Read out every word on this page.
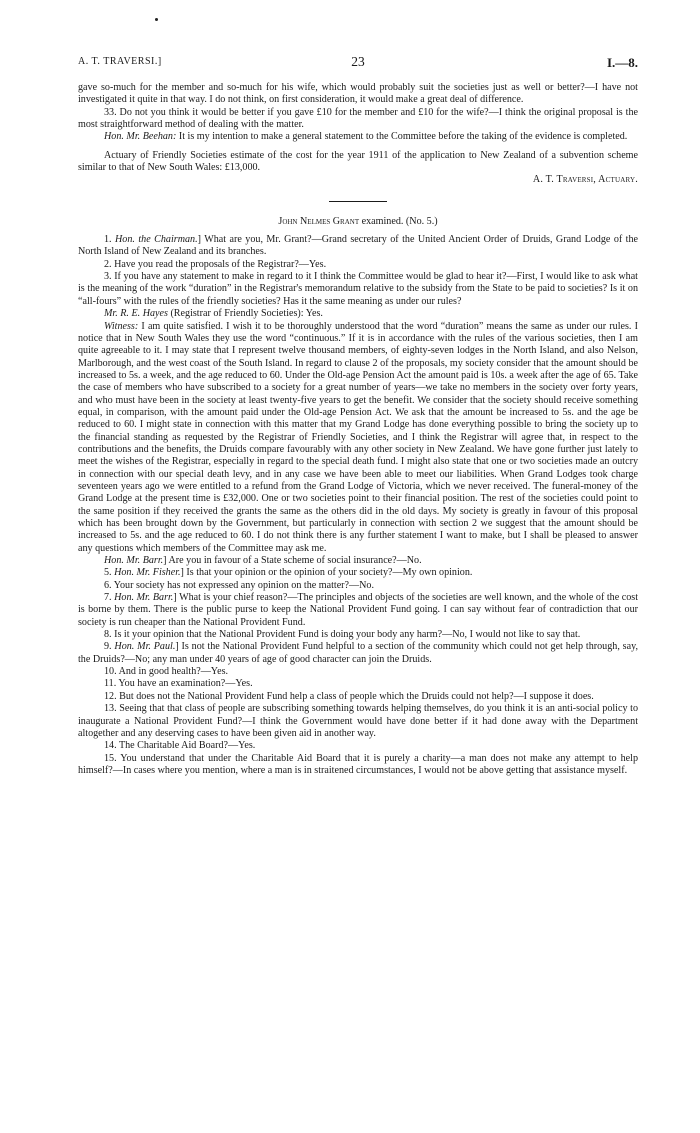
A. T. TRAVERSI.]	23	I.—8.

gave so-much for the member and so-much for his wife, which would probably suit the societies just as well or better?—I have not investigated it quite in that way. I do not think, on first consideration, it would make a great deal of difference.

33. Do not you think it would be better if you gave £10 for the member and £10 for the wife?—I think the original proposal is the most straightforward method of dealing with the matter.

Hon. Mr. Beehan: It is my intention to make a general statement to the Committee before the taking of the evidence is completed.

Actuary of Friendly Societies estimate of the cost for the year 1911 of the application to New Zealand of a subvention scheme similar to that of New South Wales: £13,000.

A. T. Traversi, Actuary.

John Nelmes Grant examined. (No. 5.)

1. Hon. the Chairman.] What are you, Mr. Grant?—Grand secretary of the United Ancient Order of Druids, Grand Lodge of the North Island of New Zealand and its branches.

2. Have you read the proposals of the Registrar?—Yes.

3. If you have any statement to make in regard to it I think the Committee would be glad to hear it?—First, I would like to ask what is the meaning of the work “duration” in the Registrar's memorandum relative to the subsidy from the State to be paid to societies? Is it on “all-fours” with the rules of the friendly societies? Has it the same meaning as under our rules?

Mr. R. E. Hayes (Registrar of Friendly Societies): Yes.

Witness: I am quite satisfied. I wish it to be thoroughly understood that the word “duration” means the same as under our rules. I notice that in New South Wales they use the word “continuous.” If it is in accordance with the rules of the various societies, then I am quite agreeable to it. I may state that I represent twelve thousand members, of eighty-seven lodges in the North Island, and also Nelson, Marlborough, and the west coast of the South Island. In regard to clause 2 of the proposals, my society consider that the amount should be increased to 5s. a week, and the age reduced to 60. Under the Old-age Pension Act the amount paid is 10s. a week after the age of 65. Take the case of members who have subscribed to a society for a great number of years—we take no members in the society over forty years, and who must have been in the society at least twenty-five years to get the benefit. We consider that the society should receive something equal, in comparison, with the amount paid under the Old-age Pension Act. We ask that the amount be increased to 5s. and the age be reduced to 60. I might state in connection with this matter that my Grand Lodge has done everything possible to bring the society up to the financial standing as requested by the Registrar of Friendly Societies, and I think the Registrar will agree that, in respect to the contributions and the benefits, the Druids compare favourably with any other society in New Zealand. We have gone further just lately to meet the wishes of the Registrar, especially in regard to the special death fund. I might also state that one or two societies made an outcry in connection with our special death levy, and in any case we have been able to meet our liabilities. When Grand Lodges took charge seventeen years ago we were entitled to a refund from the Grand Lodge of Victoria, which we never received. The funeral-money of the Grand Lodge at the present time is £32,000. One or two societies point to their financial position. The rest of the societies could point to the same position if they received the grants the same as the others did in the old days. My society is greatly in favour of this proposal which has been brought down by the Government, but particularly in connection with section 2 we suggest that the amount should be increased to 5s. and the age reduced to 60. I do not think there is any further statement I want to make, but I shall be pleased to answer any questions which members of the Committee may ask me.

Hon. Mr. Barr.] Are you in favour of a State scheme of social insurance?—No.

5. Hon. Mr. Fisher.] Is that your opinion or the opinion of your society?—My own opinion.

6. Your society has not expressed any opinion on the matter?—No.

7. Hon. Mr. Barr.] What is your chief reason?—The principles and objects of the societies are well known, and the whole of the cost is borne by them. There is the public purse to keep the National Provident Fund going. I can say without fear of contradiction that our society is run cheaper than the National Provident Fund.

8. Is it your opinion that the National Provident Fund is doing your body any harm?—No, I would not like to say that.

9. Hon. Mr. Paul.] Is not the National Provident Fund helpful to a section of the community which could not get help through, say, the Druids?—No; any man under 40 years of age of good character can join the Druids.

10. And in good health?—Yes.

11. You have an examination?—Yes.

12. But does not the National Provident Fund help a class of people which the Druids could not help?—I suppose it does.

13. Seeing that that class of people are subscribing something towards helping themselves, do you think it is an anti-social policy to inaugurate a National Provident Fund?—I think the Government would have done better if it had done away with the Department altogether and any deserving cases to have been given aid in another way.

14. The Charitable Aid Board?—Yes.

15. You understand that under the Charitable Aid Board that it is purely a charity—a man does not make any attempt to help himself?—In cases where you mention, where a man is in straitened circumstances, I would not be above getting that assistance myself.
